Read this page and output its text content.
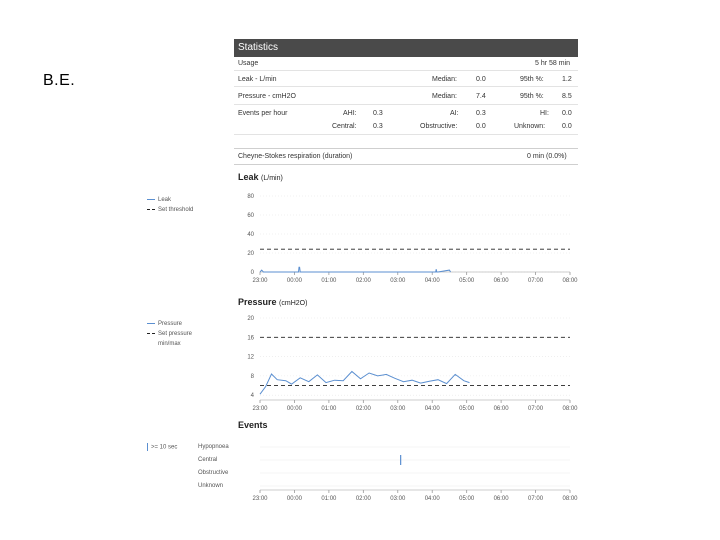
B.E.
Statistics
Usage	5 hr 58 min
Leak - L/min	Median:	0.0	95th %:	1.2
Pressure - cmH2O	Median:	7.4	95th %:	8.5
Events per hour	AHI: 0.3	AI: 0.3	HI: 0.0
Central: 0.3	Obstructive:	0.0	Unknown: 0.0
Cheyne-Stokes respiration (duration)	0 min (0.0%)
Leak (L/min)
Leak
Set threshold
0
20
40
60
80
23:00	00:00	01:00	02:00	03:00	04:00	05:00	06:00	07:00	08:00
Pressure (cmH2O)
Pressure
Set pressure
min/max
4
8
12
16
20
23:00	00:00	01:00	02:00	03:00	04:00	05:00	06:00	07:00	08:00
Events
>= 10 sec	Hypopnoea
Central
Obstructive
Unknown
23:00	00:00	01:00	02:00	03:00	04:00	05:00	06:00	07:00	08:00
